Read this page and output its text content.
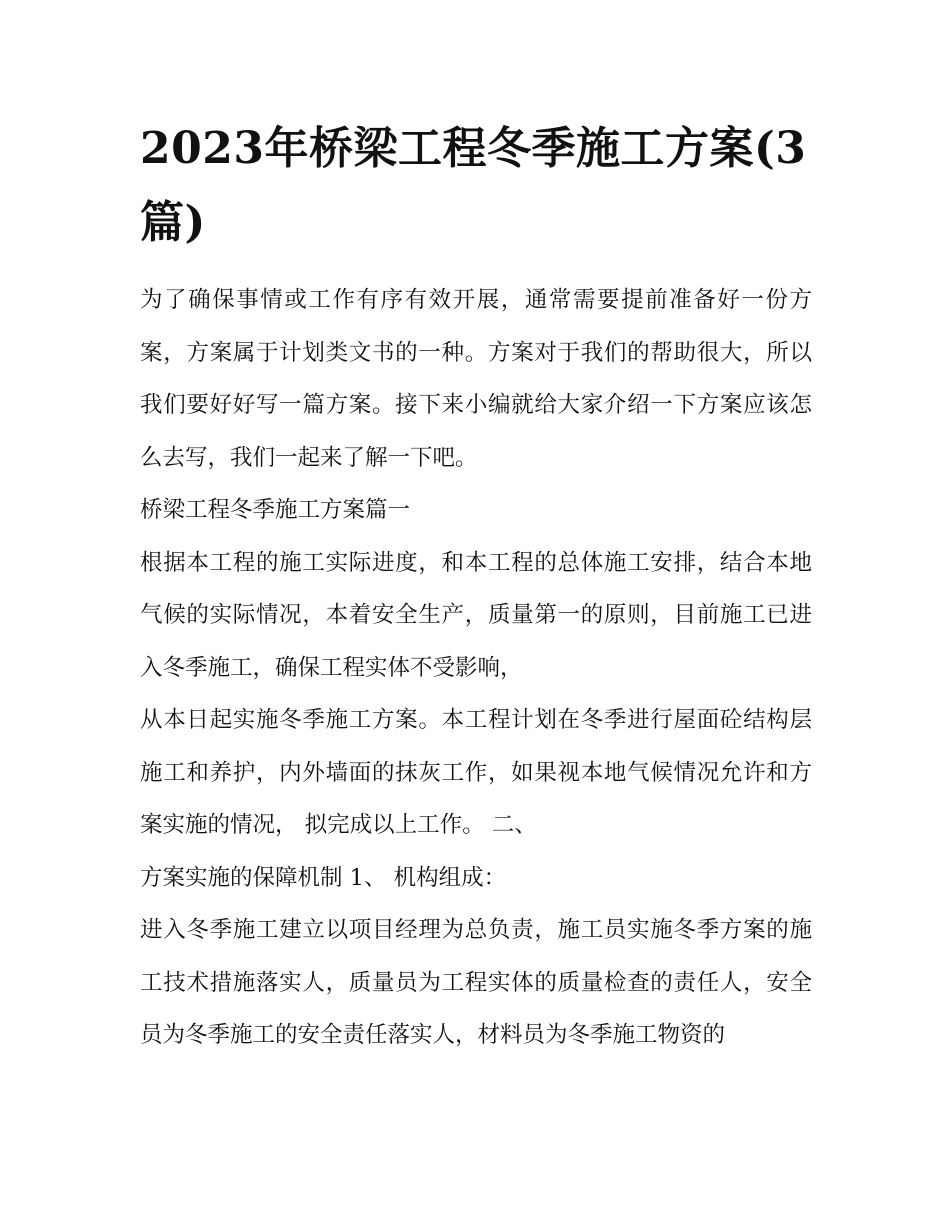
2023年桥梁工程冬季施工方案(3篇)

为了确保事情或工作有序有效开展，通常需要提前准备好一份方案，方案属于计划类文书的一种。方案对于我们的帮助很大，所以我们要好好写一篇方案。接下来小编就给大家介绍一下方案应该怎么去写，我们一起来了解一下吧。

桥梁工程冬季施工方案篇一

根据本工程的施工实际进度，和本工程的总体施工安排，结合本地气候的实际情况，本着安全生产，质量第一的原则，目前施工已进入冬季施工，确保工程实体不受影响，

从本日起实施冬季施工方案。本工程计划在冬季进行屋面砼结构层施工和养护，内外墙面的抹灰工作，如果视本地气候情况允许和方案实施的情况， 拟完成以上工作。 二、

方案实施的保障机制 1、 机构组成：

进入冬季施工建立以项目经理为总负责，施工员实施冬季方案的施工技术措施落实人，质量员为工程实体的质量检查的责任人，安全员为冬季施工的安全责任落实人，材料员为冬季施工物资的
